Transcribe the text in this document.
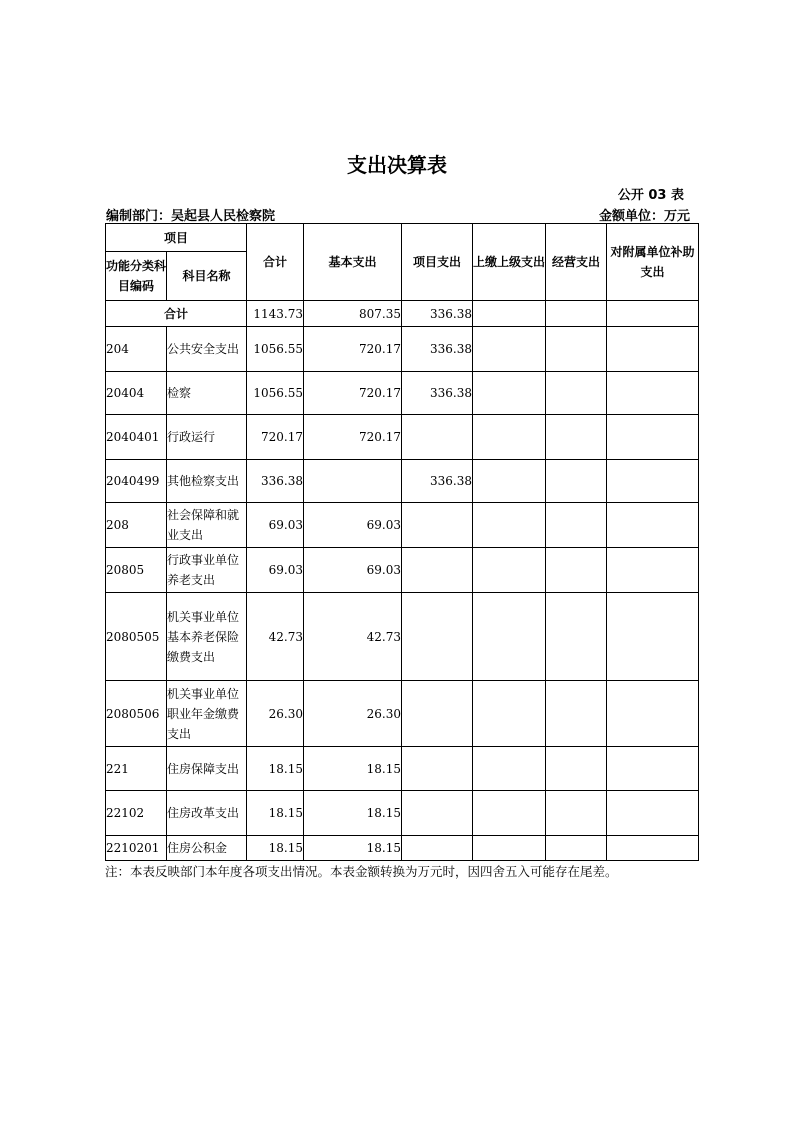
支出决算表
公开 03 表
编制部门：吴起县人民检察院	金额单位：万元
项目		合计	基本支出	项目支出	上缴上级支出	经营支出	对附属单位补助支出
功能分类科目编码	科目名称						
合计		1143.73	807.35	336.38			
204	公共安全支出	1056.55	720.17	336.38			
20404	检察	1056.55	720.17	336.38			
2040401	行政运行	720.17	720.17				
2040499	其他检察支出	336.38		336.38			
208	社会保障和就业支出	69.03	69.03				
20805	行政事业单位养老支出	69.03	69.03				
2080505	机关事业单位基本养老保险缴费支出	42.73	42.73				
2080506	机关事业单位职业年金缴费支出	26.30	26.30				
221	住房保障支出	18.15	18.15				
22102	住房改革支出	18.15	18.15				
2210201	住房公积金	18.15	18.15				
注：本表反映部门本年度各项支出情况。本表金额转换为万元时，因四舍五入可能存在尾差。
